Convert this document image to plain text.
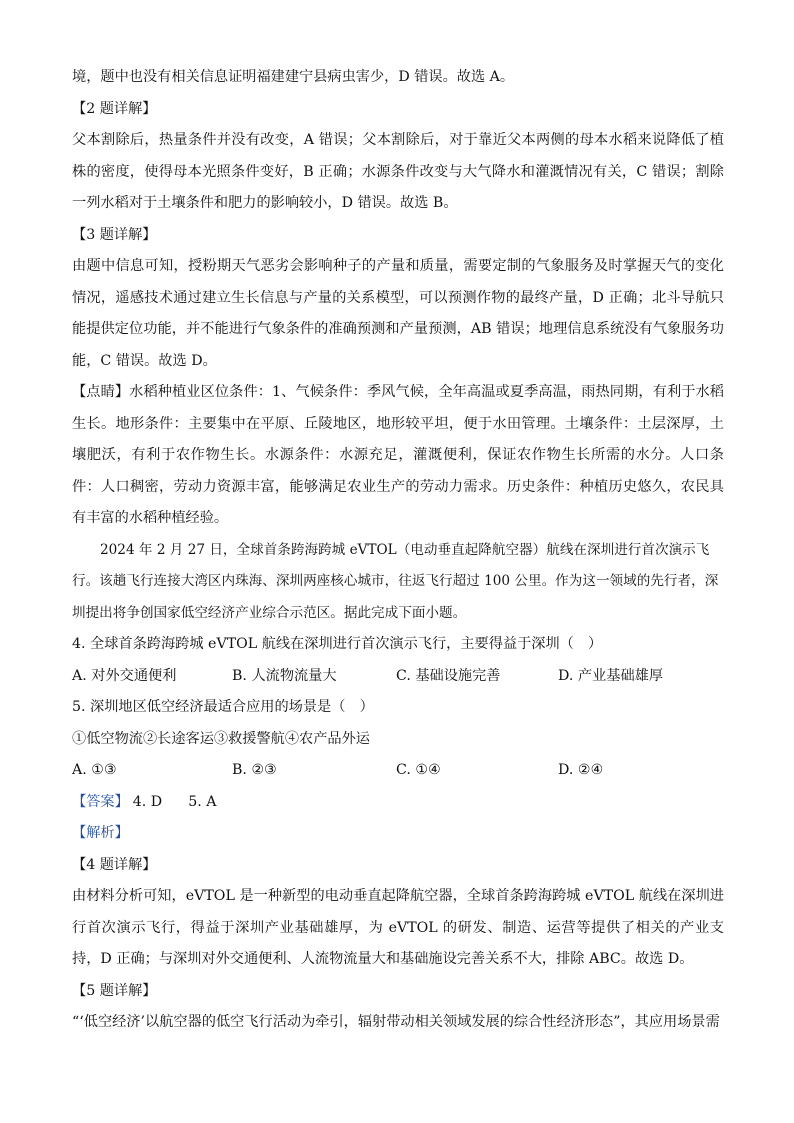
境，题中也没有相关信息证明福建建宁县病虫害少，D 错误。故选 A。

【2 题详解】

父本割除后，热量条件并没有改变，A 错误；父本割除后，对于靠近父本两侧的母本水稻来说降低了植株的密度，使得母本光照条件变好，B 正确；水源条件改变与大气降水和灌溉情况有关，C 错误；割除一列水稻对于土壤条件和肥力的影响较小，D 错误。故选 B。

【3 题详解】

由题中信息可知，授粉期天气恶劣会影响种子的产量和质量，需要定制的气象服务及时掌握天气的变化情况，遥感技术通过建立生长信息与产量的关系模型，可以预测作物的最终产量，D 正确；北斗导航只能提供定位功能，并不能进行气象条件的准确预测和产量预测，AB 错误；地理信息系统没有气象服务功能，C 错误。故选 D。

【点睛】水稻种植业区位条件：1、气候条件：季风气候，全年高温或夏季高温，雨热同期，有利于水稻生长。地形条件：主要集中在平原、丘陵地区，地形较平坦，便于水田管理。土壤条件：土层深厚，土壤肥沃，有利于农作物生长。水源条件：水源充足，灌溉便利，保证农作物生长所需的水分。人口条件：人口稠密，劳动力资源丰富，能够满足农业生产的劳动力需求。历史条件：种植历史悠久，农民具有丰富的水稻种植经验。

2024 年 2 月 27 日，全球首条跨海跨城 eVTOL（电动垂直起降航空器）航线在深圳进行首次演示飞行。该趟飞行连接大湾区内珠海、深圳两座核心城市，往返飞行超过 100 公里。作为这一领域的先行者，深圳提出将争创国家低空经济产业综合示范区。据此完成下面小题。

4. 全球首条跨海跨城 eVTOL 航线在深圳进行首次演示飞行，主要得益于深圳（　）

A. 对外交通便利	B. 人流物流量大	C. 基础设施完善	D. 产业基础雄厚

5. 深圳地区低空经济最适合应用的场景是（　）

①低空物流②长途客运③救援警航④农产品外运

A. ①③	B. ②③	C. ①④	D. ②④

【答案】 4. D 5. A

【解析】

【4 题详解】

由材料分析可知，eVTOL 是一种新型的电动垂直起降航空器，全球首条跨海跨城 eVTOL 航线在深圳进行首次演示飞行，得益于深圳产业基础雄厚，为 eVTOL 的研发、制造、运营等提供了相关的产业支持，D 正确；与深圳对外交通便利、人流物流量大和基础施设完善关系不大，排除 ABC。故选 D。

【5 题详解】

“‘低空经济’以航空器的低空飞行活动为牵引，辐射带动相关领域发展的综合性经济形态”，其应用场景需
